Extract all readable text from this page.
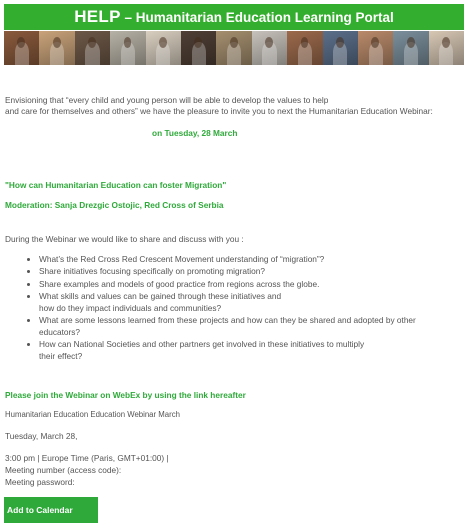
HELP – Humanitarian Education Learning Portal
Envisioning that “every child and young person will be able to develop the values to help
and care for themselves and others” we have the pleasure to invite you to next the Humanitarian Education Webinar:
on Tuesday, 28 March
"How can Humanitarian Education can foster Migration"
Moderation: Sanja Drezgic Ostojic, Red Cross of Serbia
During the Webinar we would like to share and discuss with you :
• What’s the Red Cross Red Crescent Movement understanding of “migration”?
• Share initiatives focusing specifically on promoting migration?
• Share examples and models of good practice from regions across the globe.
• What skills and values can be gained through these initiatives and
how do they impact individuals and communities?
• What are some lessons learned from these projects and how can they be shared and adopted by other
educators?
• How can National Societies and other partners get involved in these initiatives to multiply
their effect?
Please join the Webinar on WebEx by using the link hereafter
Humanitarian Education Education Webinar March
Tuesday, March 28,
3:00 pm | Europe Time (Paris, GMT+01:00) |
Meeting number (access code):
Meeting password:
Add to Calendar
